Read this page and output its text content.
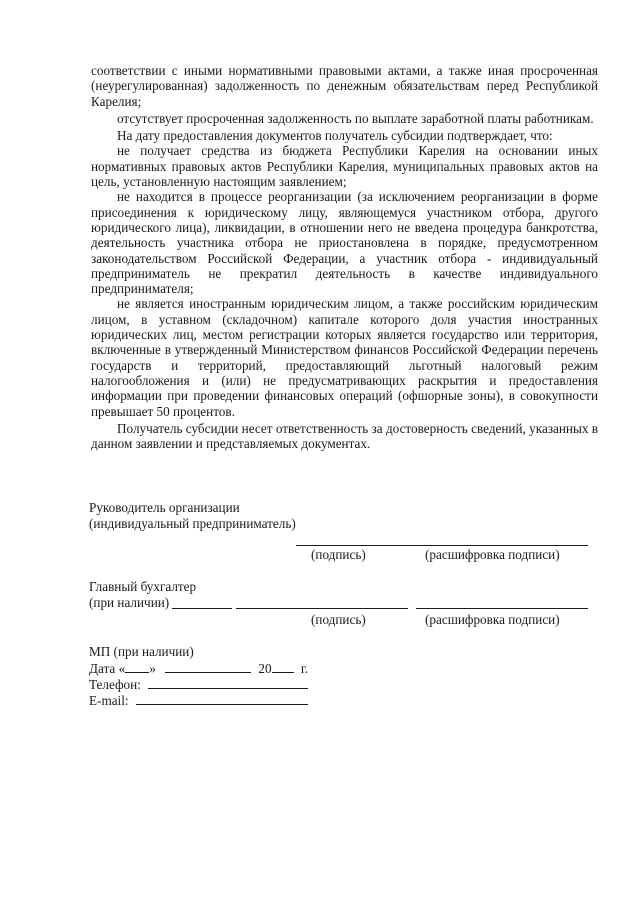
соответствии с иными нормативными правовыми актами, а также иная просроченная (неурегулированная) задолженность по денежным обязательствам перед Республикой Карелия;

отсутствует просроченная задолженность по выплате заработной платы работникам.

На дату предоставления документов получатель субсидии подтверждает, что:

не получает средства из бюджета Республики Карелия на основании иных нормативных правовых актов Республики Карелия, муниципальных правовых актов на цель, установленную настоящим заявлением;

не находится в процессе реорганизации (за исключением реорганизации в форме присоединения к юридическому лицу, являющемуся участником отбора, другого юридического лица), ликвидации, в отношении него не введена процедура банкротства, деятельность участника отбора не приостановлена в порядке, предусмотренном законодательством Российской Федерации, а участник отбора - индивидуальный предприниматель не прекратил деятельность в качестве индивидуального предпринимателя;

не является иностранным юридическим лицом, а также российским юридическим лицом, в уставном (складочном) капитале которого доля участия иностранных юридических лиц, местом регистрации которых является государство или территория, включенные в утвержденный Министерством финансов Российской Федерации перечень государств и территорий, предоставляющий льготный налоговый режим налогообложения и (или) не предусматривающих раскрытия и предоставления информации при проведении финансовых операций (офшорные зоны), в совокупности превышает 50 процентов.

Получатель субсидии несет ответственность за достоверность сведений, указанных в данном заявлении и представляемых документах.

Руководитель организации
(индивидуальный предприниматель)
(подпись)	(расшифровка подписи)
Главный бухгалтер
(при наличии)
(подпись)	(расшифровка подписи)
МП (при наличии)
Дата « »	20 г.
Телефон:
E-mail:
